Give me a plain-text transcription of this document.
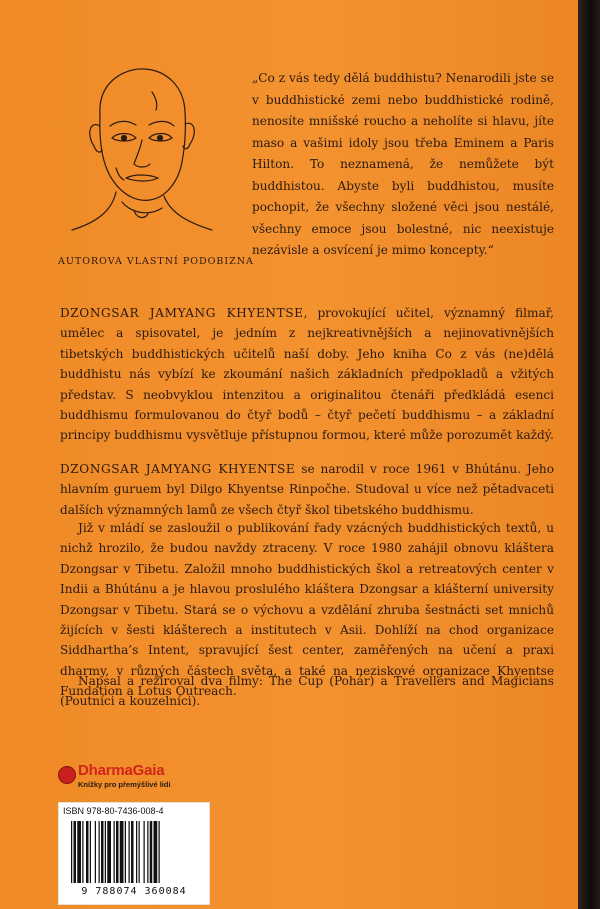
AUTOROVA VLASTNÍ PODOBIZNA

„Co z vás tedy dělá buddhistu? Nenarodili jste se v buddhistické zemi nebo buddhistické rodině, nenosíte mnišské roucho a neholíte si hlavu, jíte maso a vašimi idoly jsou třeba Eminem a Paris Hilton. To neznamená, že nemůžete být buddhistou. Abyste byli buddhistou, musíte pochopit, že všechny složené věci jsou nestálé, všechny emoce jsou bolestné, nic neexistuje nezávisle a osvícení je mimo koncepty.“

DZONGSAR JAMYANG KHYENTSE, provokující učitel, významný filmař, umělec a spisovatel, je jedním z nejkreativnějších a nejinovativnějších tibetských buddhistických učitelů naší doby. Jeho kniha Co z vás (ne)dělá buddhistu nás vybízí ke zkoumání našich základních předpokladů a vžitých představ. S neobvyklou intenzitou a originalitou čtenáři předkládá esenci buddhismu formulovanou do čtyř bodů – čtyř pečetí buddhismu – a základní principy buddhismu vysvětluje přístupnou formou, které může porozumět každý.

DZONGSAR JAMYANG KHYENTSE se narodil v roce 1961 v Bhútánu. Jeho hlavním guruem byl Dilgo Khyentse Rinpočhe. Studoval u více než pětadvaceti dalších významných lamů ze všech čtyř škol tibetského buddhismu.

Již v mládí se zasloužil o publikování řady vzácných buddhistických textů, u nichž hrozilo, že budou navždy ztraceny. V roce 1980 zahájil obnovu kláštera Dzongsar v Tibetu. Založil mnoho buddhistických škol a retreatových center v Indii a Bhútánu a je hlavou proslulého kláštera Dzongsar a klášterní university Dzongsar v Tibetu. Stará se o výchovu a vzdělání zhruba šestnácti set mnichů žijících v šesti klášterech a institutech v Asii. Dohlíží na chod organizace Siddhartha’s Intent, spravující šest center, zaměřených na učení a praxi dharmy, v různých částech světa, a také na neziskové organizace Khyentse Fundation a Lotus Outreach.

Napsal a režíroval dva filmy: The Cup (Pohár) a Travellers and Magicians (Poutníci a kouzelníci).

DharmaGaia
Knížky pro přemýšlivé lidi
ISBN 978-80-7436-008-4
9 788074 360084
